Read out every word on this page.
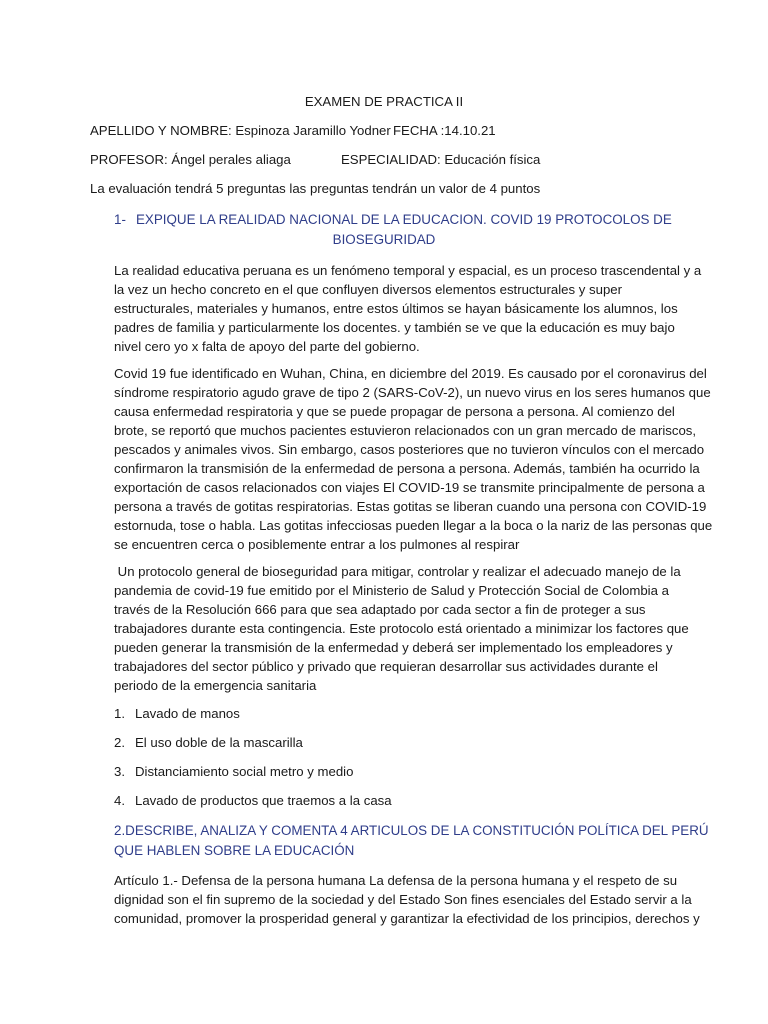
EXAMEN DE PRACTICA II
APELLIDO Y NOMBRE: Espinoza Jaramillo Yodner FECHA :14.10.21
PROFESOR: Ángel perales aliaga	ESPECIALIDAD: Educación física
La evaluación tendrá 5 preguntas las preguntas tendrán un valor de 4 puntos
1- EXPIQUE LA REALIDAD NACIONAL DE LA EDUCACION. COVID 19 PROTOCOLOS DE
BIOSEGURIDAD
La realidad educativa peruana es un fenómeno temporal y espacial, es un proceso trascendental y a
la vez un hecho concreto en el que confluyen diversos elementos estructurales y super
estructurales, materiales y humanos, entre estos últimos se hayan básicamente los alumnos, los
padres de familia y particularmente los docentes. y también se ve que la educación es muy bajo
nivel cero yo x falta de apoyo del parte del gobierno.
Covid 19 fue identificado en Wuhan, China, en diciembre del 2019. Es causado por el coronavirus del
síndrome respiratorio agudo grave de tipo 2 (SARS-CoV-2), un nuevo virus en los seres humanos que
causa enfermedad respiratoria y que se puede propagar de persona a persona. Al comienzo del
brote, se reportó que muchos pacientes estuvieron relacionados con un gran mercado de mariscos,
pescados y animales vivos. Sin embargo, casos posteriores que no tuvieron vínculos con el mercado
confirmaron la transmisión de la enfermedad de persona a persona. Además, también ha ocurrido la
exportación de casos relacionados con viajes El COVID-19 se transmite principalmente de persona a
persona a través de gotitas respiratorias. Estas gotitas se liberan cuando una persona con COVID-19
estornuda, tose o habla. Las gotitas infecciosas pueden llegar a la boca o la nariz de las personas que
se encuentren cerca o posiblemente entrar a los pulmones al respirar
Un protocolo general de bioseguridad para mitigar, controlar y realizar el adecuado manejo de la
pandemia de covid-19 fue emitido por el Ministerio de Salud y Protección Social de Colombia a
través de la Resolución 666 para que sea adaptado por cada sector a fin de proteger a sus
trabajadores durante esta contingencia. Este protocolo está orientado a minimizar los factores que
pueden generar la transmisión de la enfermedad y deberá ser implementado los empleadores y
trabajadores del sector público y privado que requieran desarrollar sus actividades durante el
periodo de la emergencia sanitaria
1. Lavado de manos
2. El uso doble de la mascarilla
3. Distanciamiento social metro y medio
4. Lavado de productos que traemos a la casa
2.DESCRIBE, ANALIZA Y COMENTA 4 ARTICULOS DE LA CONSTITUCIÓN POLÍTICA DEL PERÚ
QUE HABLEN SOBRE LA EDUCACIÓN
Artículo 1.- Defensa de la persona humana La defensa de la persona humana y el respeto de su
dignidad son el fin supremo de la sociedad y del Estado Son fines esenciales del Estado servir a la
comunidad, promover la prosperidad general y garantizar la efectividad de los principios, derechos y
